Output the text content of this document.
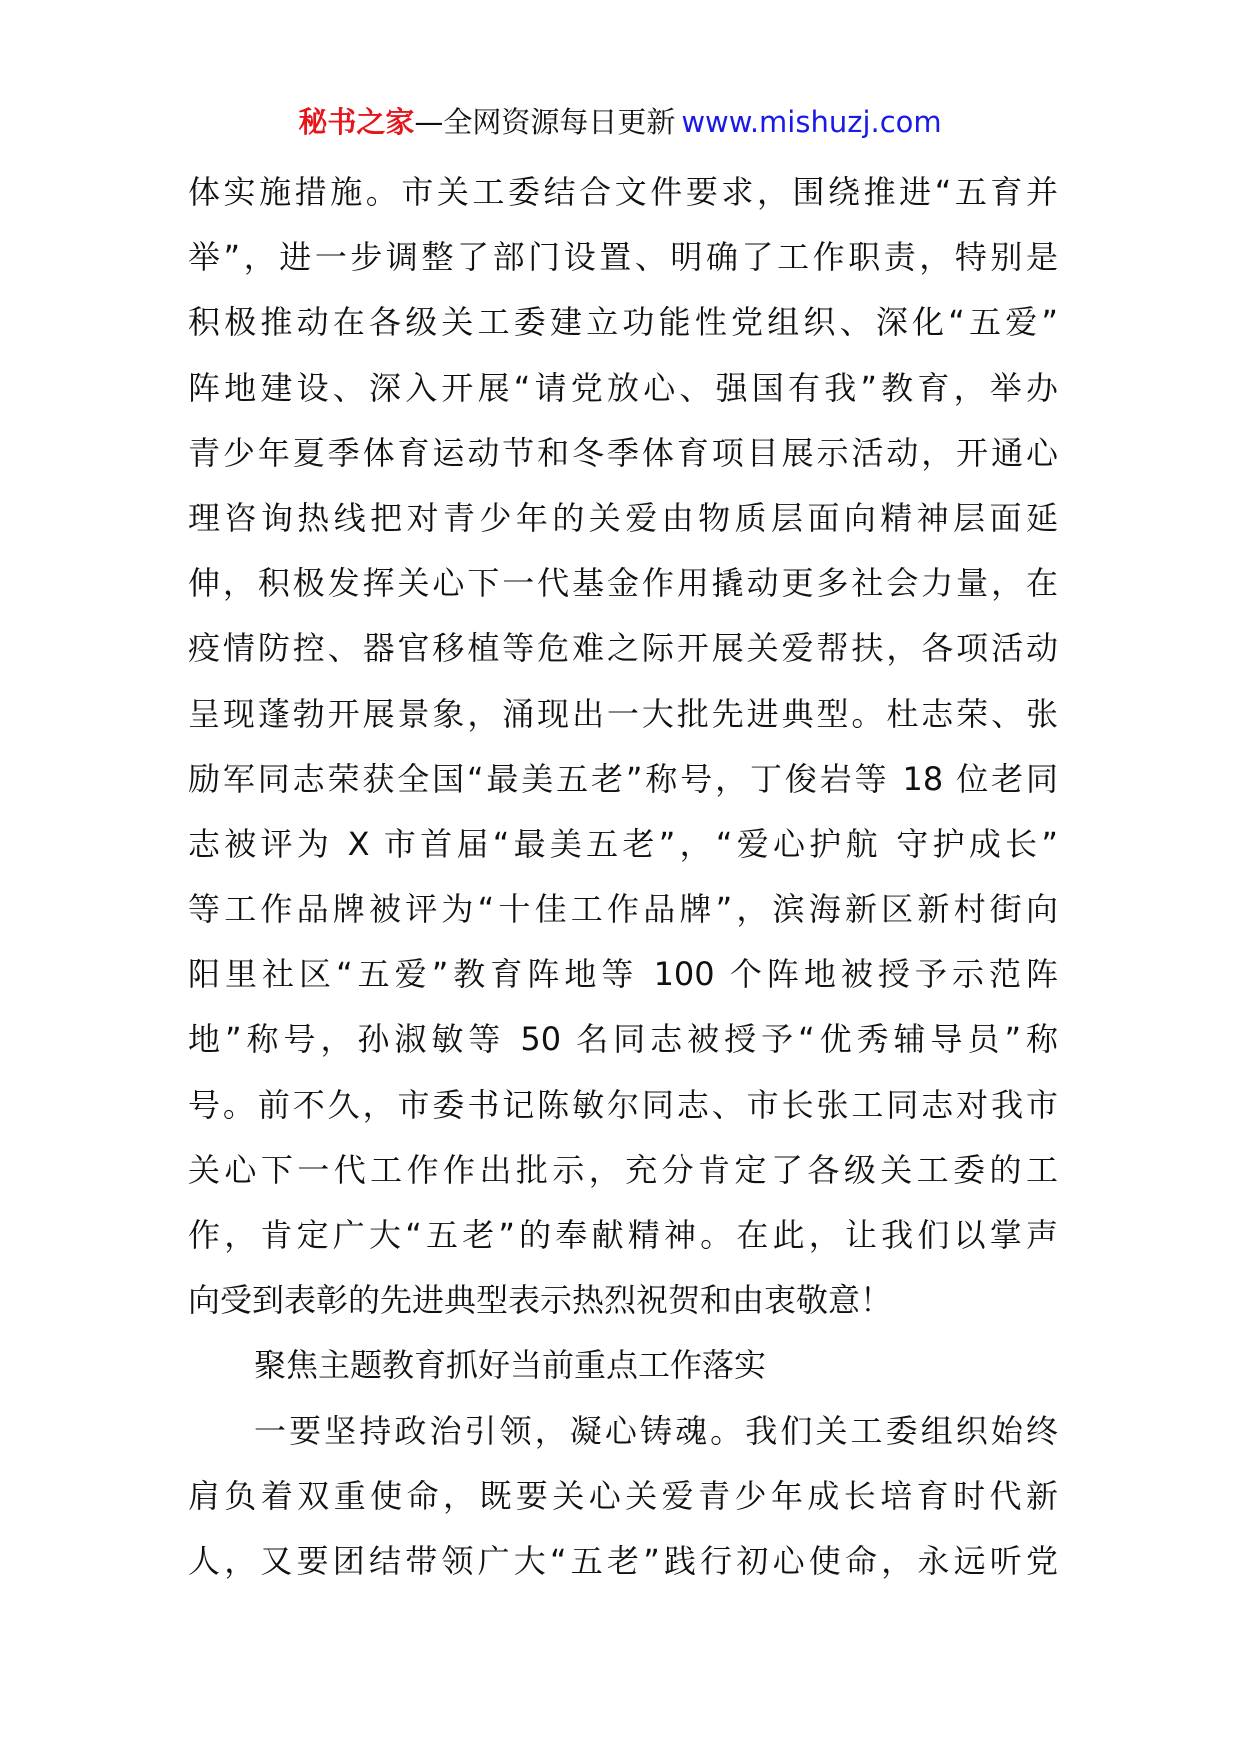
秘书之家—全网资源每日更新 www.mishuzj.com
体实施措施。市关工委结合文件要求，围绕推进“五育并
举”，进一步调整了部门设置、明确了工作职责，特别是
积极推动在各级关工委建立功能性党组织、深化“五爱”
阵地建设、深入开展“请党放心、强国有我”教育，举办
青少年夏季体育运动节和冬季体育项目展示活动，开通心
理咨询热线把对青少年的关爱由物质层面向精神层面延
伸，积极发挥关心下一代基金作用撬动更多社会力量，在
疫情防控、器官移植等危难之际开展关爱帮扶，各项活动
呈现蓬勃开展景象，涌现出一大批先进典型。杜志荣、张
励军同志荣获全国“最美五老”称号，丁俊岩等 18 位老同
志被评为 X 市首届“最美五老”，“爱心护航 守护成长”
等工作品牌被评为“十佳工作品牌”，滨海新区新村街向
阳里社区“五爱”教育阵地等 100 个阵地被授予示范阵
地”称号，孙淑敏等 50 名同志被授予“优秀辅导员”称
号。前不久，市委书记陈敏尔同志、市长张工同志对我市
关心下一代工作作出批示，充分肯定了各级关工委的工
作，肯定广大“五老”的奉献精神。在此，让我们以掌声
向受到表彰的先进典型表示热烈祝贺和由衷敬意！
聚焦主题教育抓好当前重点工作落实
一要坚持政治引领，凝心铸魂。我们关工委组织始终
肩负着双重使命，既要关心关爱青少年成长培育时代新
人，又要团结带领广大“五老”践行初心使命，永远听党
